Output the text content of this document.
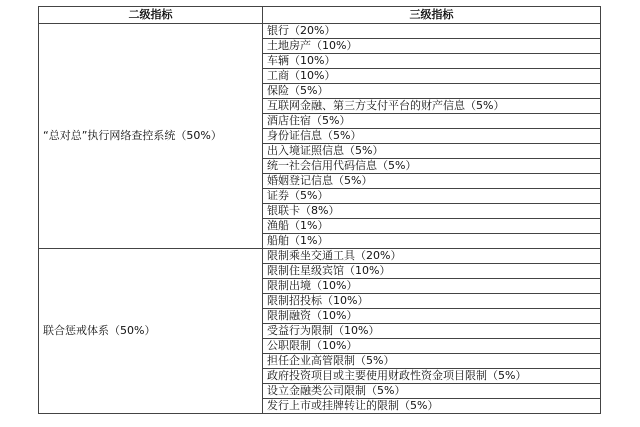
二级指标	三级指标
“总对总”执行网络查控系统（50%）	银行（20%）
	土地房产（10%）
	车辆（10%）
	工商（10%）
	保险（5%）
	互联网金融、第三方支付平台的财产信息（5%）
	酒店住宿（5%）
	身份证信息（5%）
	出入境证照信息（5%）
	统一社会信用代码信息（5%）
	婚姻登记信息（5%）
	证券（5%）
	银联卡（8%）
	渔船（1%）
	船舶（1%）
联合惩戒体系（50%）	限制乘坐交通工具（20%）
	限制住星级宾馆（10%）
	限制出境（10%）
	限制招投标（10%）
	限制融资（10%）
	受益行为限制（10%）
	公职限制（10%）
	担任企业高管限制（5%）
	政府投资项目或主要使用财政性资金项目限制（5%）
	设立金融类公司限制（5%）
	发行上市或挂牌转让的限制（5%）
